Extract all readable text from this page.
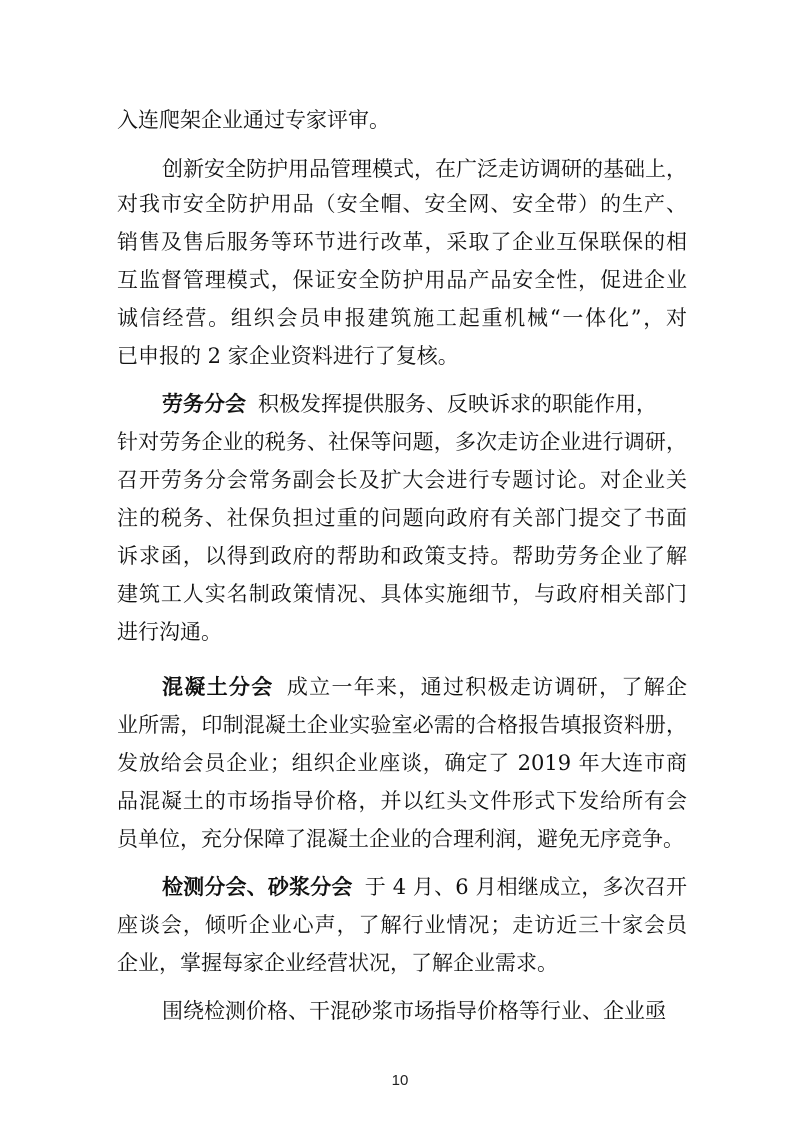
入连爬架企业通过专家评审。
创新安全防护用品管理模式，在广泛走访调研的基础上，
对我市安全防护用品（安全帽、安全网、安全带）的生产、
销售及售后服务等环节进行改革，采取了企业互保联保的相
互监督管理模式，保证安全防护用品产品安全性，促进企业
诚信经营。组织会员申报建筑施工起重机械“一体化”，对
已申报的 2 家企业资料进行了复核。
劳务分会 积极发挥提供服务、反映诉求的职能作用，
针对劳务企业的税务、社保等问题，多次走访企业进行调研，
召开劳务分会常务副会长及扩大会进行专题讨论。对企业关
注的税务、社保负担过重的问题向政府有关部门提交了书面
诉求函，以得到政府的帮助和政策支持。帮助劳务企业了解
建筑工人实名制政策情况、具体实施细节，与政府相关部门
进行沟通。
混凝土分会 成立一年来，通过积极走访调研，了解企
业所需，印制混凝土企业实验室必需的合格报告填报资料册，
发放给会员企业；组织企业座谈，确定了 2019 年大连市商
品混凝土的市场指导价格，并以红头文件形式下发给所有会
员单位，充分保障了混凝土企业的合理利润，避免无序竞争。
检测分会、砂浆分会 于 4 月、6 月相继成立，多次召开
座谈会，倾听企业心声，了解行业情况；走访近三十家会员
企业，掌握每家企业经营状况，了解企业需求。
围绕检测价格、干混砂浆市场指导价格等行业、企业亟
10
